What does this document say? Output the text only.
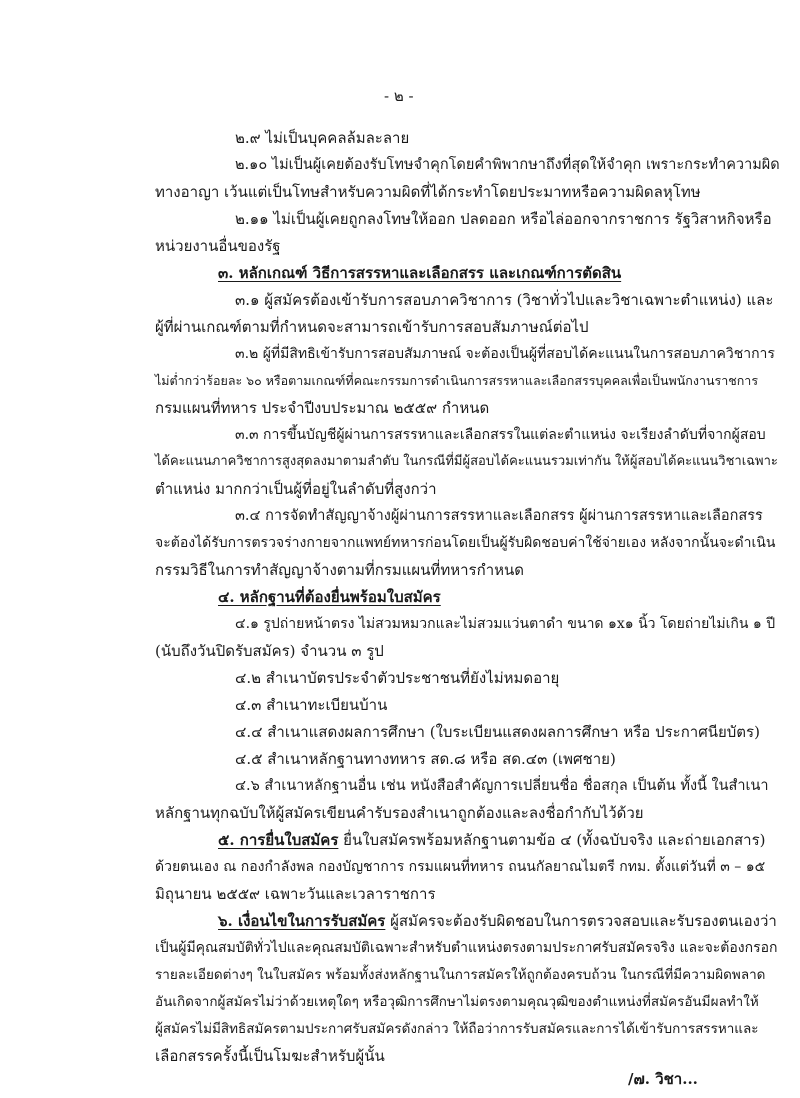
- ๒ -
๒.๙ ไม่เป็นบุคคลล้มละลาย
๒.๑๐ ไม่เป็นผู้เคยต้องรับโทษจำคุกโดยคำพิพากษาถึงที่สุดให้จำคุก เพราะกระทำความผิด
ทางอาญา เว้นแต่เป็นโทษสำหรับความผิดที่ได้กระทำโดยประมาทหรือความผิดลหุโทษ
๒.๑๑ ไม่เป็นผู้เคยถูกลงโทษให้ออก ปลดออก หรือไล่ออกจากราชการ รัฐวิสาหกิจหรือ
หน่วยงานอื่นของรัฐ
๓. หลักเกณฑ์ วิธีการสรรหาและเลือกสรร และเกณฑ์การตัดสิน
๓.๑ ผู้สมัครต้องเข้ารับการสอบภาควิชาการ (วิชาทั่วไปและวิชาเฉพาะตำแหน่ง) และ
ผู้ที่ผ่านเกณฑ์ตามที่กำหนดจะสามารถเข้ารับการสอบสัมภาษณ์ต่อไป
๓.๒ ผู้ที่มีสิทธิเข้ารับการสอบสัมภาษณ์ จะต้องเป็นผู้ที่สอบได้คะแนนในการสอบภาควิชาการ
ไม่ต่ำกว่าร้อยละ ๖๐ หรือตามเกณฑ์ที่คณะกรรมการดำเนินการสรรหาและเลือกสรรบุคคลเพื่อเป็นพนักงานราชการ
กรมแผนที่ทหาร ประจำปีงบประมาณ ๒๕๕๙ กำหนด
๓.๓ การขึ้นบัญชีผู้ผ่านการสรรหาและเลือกสรรในแต่ละตำแหน่ง จะเรียงลำดับที่จากผู้สอบ
ได้คะแนนภาควิชาการสูงสุดลงมาตามลำดับ ในกรณีที่มีผู้สอบได้คะแนนรวมเท่ากัน ให้ผู้สอบได้คะแนนวิชาเฉพาะ
ตำแหน่ง มากกว่าเป็นผู้ที่อยู่ในลำดับที่สูงกว่า
๓.๔ การจัดทำสัญญาจ้างผู้ผ่านการสรรหาและเลือกสรร ผู้ผ่านการสรรหาและเลือกสรร
จะต้องได้รับการตรวจร่างกายจากแพทย์ทหารก่อนโดยเป็นผู้รับผิดชอบค่าใช้จ่ายเอง หลังจากนั้นจะดำเนิน
กรรมวิธีในการทำสัญญาจ้างตามที่กรมแผนที่ทหารกำหนด
๔. หลักฐานที่ต้องยื่นพร้อมใบสมัคร
๔.๑ รูปถ่ายหน้าตรง ไม่สวมหมวกและไม่สวมแว่นตาดำ ขนาด ๑x๑ นิ้ว โดยถ่ายไม่เกิน ๑ ปี
(นับถึงวันปิดรับสมัคร) จำนวน ๓ รูป
๔.๒ สำเนาบัตรประจำตัวประชาชนที่ยังไม่หมดอายุ
๔.๓ สำเนาทะเบียนบ้าน
๔.๔ สำเนาแสดงผลการศึกษา (ใบระเบียนแสดงผลการศึกษา หรือ ประกาศนียบัตร)
๔.๕ สำเนาหลักฐานทางทหาร สด.๘ หรือ สด.๔๓ (เพศชาย)
๔.๖ สำเนาหลักฐานอื่น เช่น หนังสือสำคัญการเปลี่ยนชื่อ ชื่อสกุล เป็นต้น ทั้งนี้ ในสำเนา
หลักฐานทุกฉบับให้ผู้สมัครเขียนคำรับรองสำเนาถูกต้องและลงชื่อกำกับไว้ด้วย
๕. การยื่นใบสมัคร ยื่นใบสมัครพร้อมหลักฐานตามข้อ ๔ (ทั้งฉบับจริง และถ่ายเอกสาร)
ด้วยตนเอง ณ กองกำลังพล กองบัญชาการ กรมแผนที่ทหาร ถนนกัลยาณไมตรี กทม. ตั้งแต่วันที่ ๓ – ๑๕
มิถุนายน ๒๕๕๙ เฉพาะวันและเวลาราชการ
๖. เงื่อนไขในการรับสมัคร ผู้สมัครจะต้องรับผิดชอบในการตรวจสอบและรับรองตนเองว่า
เป็นผู้มีคุณสมบัติทั่วไปและคุณสมบัติเฉพาะสำหรับตำแหน่งตรงตามประกาศรับสมัครจริง และจะต้องกรอก
รายละเอียดต่างๆ ในใบสมัคร พร้อมทั้งส่งหลักฐานในการสมัครให้ถูกต้องครบถ้วน ในกรณีที่มีความผิดพลาด
อันเกิดจากผู้สมัครไม่ว่าด้วยเหตุใดๆ หรือวุฒิการศึกษาไม่ตรงตามคุณวุฒิของตำแหน่งที่สมัครอันมีผลทำให้
ผู้สมัครไม่มีสิทธิสมัครตามประกาศรับสมัครดังกล่าว ให้ถือว่าการรับสมัครและการได้เข้ารับการสรรหาและ
เลือกสรรครั้งนี้เป็นโมฆะสำหรับผู้นั้น
/๗. วิชา...
